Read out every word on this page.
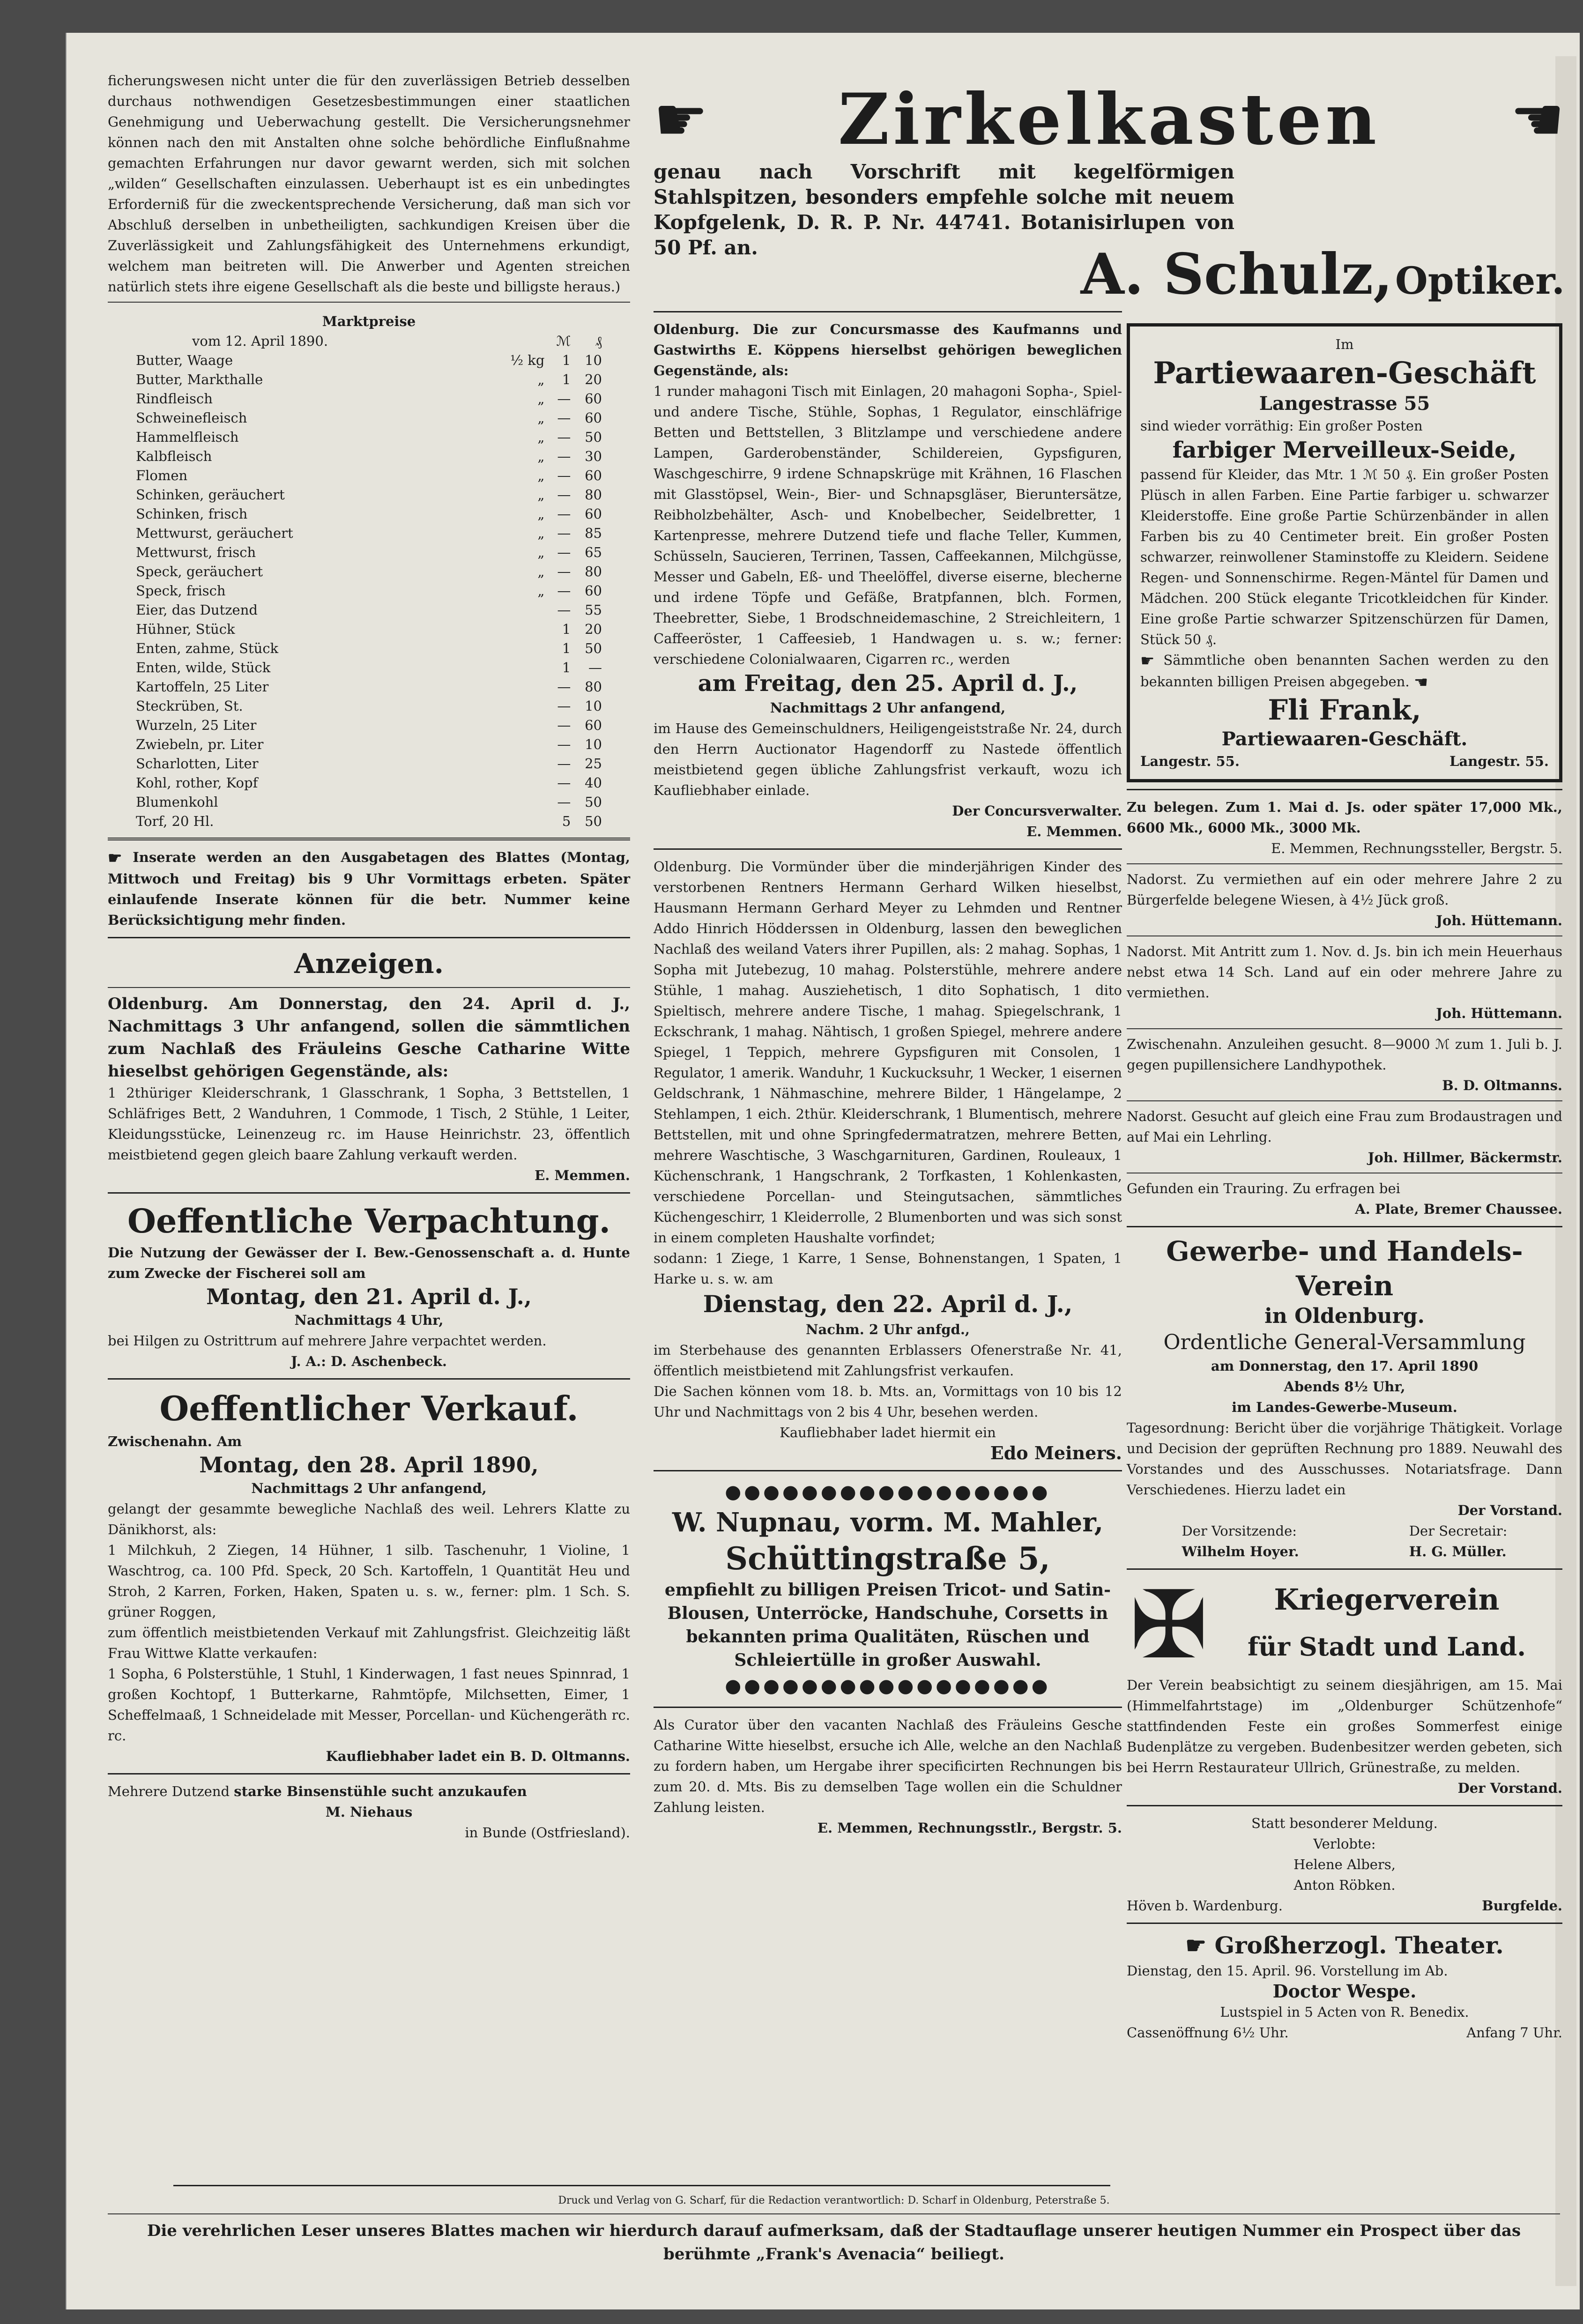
ficherungswesen nicht unter die für den zuverlässigen Betrieb desselben durchaus nothwendigen Gesetzesbestimmungen einer staatlichen Genehmigung und Ueberwachung gestellt. Die Versicherungsnehmer können nach den mit Anstalten ohne solche behördliche Einflußnahme gemachten Erfahrungen nur davor gewarnt werden, sich mit solchen „wilden“ Gesellschaften einzulassen. Ueberhaupt ist es ein unbedingtes Erforderniß für die zweckentsprechende Versicherung, daß man sich vor Abschluß derselben in unbetheiligten, sachkundigen Kreisen über die Zuverlässigkeit und Zahlungsfähigkeit des Unternehmens erkundigt, welchem man beitreten will. Die Anwerber und Agenten streichen natürlich stets ihre eigene Gesellschaft als die beste und billigste heraus.)

Marktpreise

vom 12. April 1890.		ℳ	₰
Butter, Waage	½ kg	1	10
Butter, Markthalle	„	1	20
Rindfleisch	„	—	60
Schweinefleisch	„	—	60
Hammelfleisch	„	—	50
Kalbfleisch	„	—	30
Flomen	„	—	60
Schinken, geräuchert	„	—	80
Schinken, frisch	„	—	60
Mettwurst, geräuchert	„	—	85
Mettwurst, frisch	„	—	65
Speck, geräuchert	„	—	80
Speck, frisch	„	—	60
Eier, das Dutzend		—	55
Hühner, Stück		1	20
Enten, zahme, Stück		1	50
Enten, wilde, Stück		1	—
Kartoffeln, 25 Liter		—	80
Steckrüben, St.		—	10
Wurzeln, 25 Liter		—	60
Zwiebeln, pr. Liter		—	10
Scharlotten, Liter		—	25
Kohl, rother, Kopf		—	40
Blumenkohl		—	50
Torf, 20 Hl.		5	50

☛ Inserate werden an den Ausgabetagen des Blattes (Montag, Mittwoch und Freitag) bis 9 Uhr Vormittags erbeten. Später einlaufende Inserate können für die betr. Nummer keine Berücksichtigung mehr finden.

Anzeigen.

Oldenburg. Am Donnerstag, den 24. April d. J., Nachmittags 3 Uhr anfangend, sollen die sämmtlichen zum Nachlaß des Fräuleins Gesche Catharine Witte hieselbst gehörigen Gegenstände, als:

1 2thüriger Kleiderschrank, 1 Glasschrank, 1 Sopha, 3 Bettstellen, 1 Schläfriges Bett, 2 Wanduhren, 1 Commode, 1 Tisch, 2 Stühle, 1 Leiter, Kleidungsstücke, Leinenzeug rc. im Hause Heinrichstr. 23, öffentlich meistbietend gegen gleich baare Zahlung verkauft werden.

E. Memmen.

Oeffentliche Verpachtung.

Die Nutzung der Gewässer der I. Bew.-Genossenschaft a. d. Hunte zum Zwecke der Fischerei soll am

Montag, den 21. April d. J.,

Nachmittags 4 Uhr,

bei Hilgen zu Ostrittrum auf mehrere Jahre verpachtet werden.

J. A.: D. Aschenbeck.

Oeffentlicher Verkauf.

Zwischenahn. Am

Montag, den 28. April 1890,

Nachmittags 2 Uhr anfangend,

gelangt der gesammte bewegliche Nachlaß des weil. Lehrers Klatte zu Dänikhorst, als:

1 Milchkuh, 2 Ziegen, 14 Hühner, 1 silb. Taschenuhr, 1 Violine, 1 Waschtrog, ca. 100 Pfd. Speck, 20 Sch. Kartoffeln, 1 Quantität Heu und Stroh, 2 Karren, Forken, Haken, Spaten u. s. w., ferner: plm. 1 Sch. S. grüner Roggen,

zum öffentlich meistbietenden Verkauf mit Zahlungsfrist. Gleichzeitig läßt Frau Wittwe Klatte verkaufen:

1 Sopha, 6 Polsterstühle, 1 Stuhl, 1 Kinderwagen, 1 fast neues Spinnrad, 1 großen Kochtopf, 1 Butterkarne, Rahmtöpfe, Milchsetten, Eimer, 1 Scheffelmaaß, 1 Schneidelade mit Messer, Porcellan- und Küchengeräth rc. rc.

Kaufliebhaber ladet ein B. D. Oltmanns.

Mehrere Dutzend starke Binsenstühle sucht anzukaufen

M. Niehaus

in Bunde (Ostfriesland).

☛ Zirkelkasten ☚

genau nach Vorschrift mit kegelförmigen Stahlspitzen, besonders empfehle solche mit neuem Kopfgelenk, D. R. P. Nr. 44741. Botanisirlupen von 50 Pf. an.	A. Schulz, Optiker.

Oldenburg. Die zur Concursmasse des Kaufmanns und Gastwirths E. Köppens hierselbst gehörigen beweglichen Gegenstände, als:

1 runder mahagoni Tisch mit Einlagen, 20 mahagoni Sopha-, Spiel- und andere Tische, Stühle, Sophas, 1 Regulator, einschläfrige Betten und Bettstellen, 3 Blitzlampe und verschiedene andere Lampen, Garderobenständer, Schildereien, Gypsfiguren, Waschgeschirre, 9 irdene Schnapskrüge mit Krähnen, 16 Flaschen mit Glasstöpsel, Wein-, Bier- und Schnapsgläser, Bieruntersätze, Reibholzbehälter, Asch- und Knobelbecher, Seidelbretter, 1 Kartenpresse, mehrere Dutzend tiefe und flache Teller, Kummen, Schüsseln, Saucieren, Terrinen, Tassen, Caffeekannen, Milchgüsse, Messer und Gabeln, Eß- und Theelöffel, diverse eiserne, blecherne und irdene Töpfe und Gefäße, Bratpfannen, blch. Formen, Theebretter, Siebe, 1 Brodschneidemaschine, 2 Streichleitern, 1 Caffeeröster, 1 Caffeesieb, 1 Handwagen u. s. w.; ferner: verschiedene Colonialwaaren, Cigarren rc., werden

am Freitag, den 25. April d. J.,

Nachmittags 2 Uhr anfangend,

im Hause des Gemeinschuldners, Heiligengeiststraße Nr. 24, durch den Herrn Auctionator Hagendorff zu Nastede öffentlich meistbietend gegen übliche Zahlungsfrist verkauft, wozu ich Kaufliebhaber einlade.

Der Concursverwalter.

E. Memmen.

Oldenburg. Die Vormünder über die minderjährigen Kinder des verstorbenen Rentners Hermann Gerhard Wilken hieselbst, Hausmann Hermann Gerhard Meyer zu Lehmden und Rentner Addo Hinrich Hödderssen in Oldenburg, lassen den beweglichen Nachlaß des weiland Vaters ihrer Pupillen, als: 2 mahag. Sophas, 1 Sopha mit Jutebezug, 10 mahag. Polsterstühle, mehrere andere Stühle, 1 mahag. Ausziehetisch, 1 dito Sophatisch, 1 dito Spieltisch, mehrere andere Tische, 1 mahag. Spiegelschrank, 1 Eckschrank, 1 mahag. Nähtisch, 1 großen Spiegel, mehrere andere Spiegel, 1 Teppich, mehrere Gypsfiguren mit Consolen, 1 Regulator, 1 amerik. Wanduhr, 1 Kuckucksuhr, 1 Wecker, 1 eisernen Geldschrank, 1 Nähmaschine, mehrere Bilder, 1 Hängelampe, 2 Stehlampen, 1 eich. 2thür. Kleiderschrank, 1 Blumentisch, mehrere Bettstellen, mit und ohne Springfedermatratzen, mehrere Betten, mehrere Waschtische, 3 Waschgarnituren, Gardinen, Rouleaux, 1 Küchenschrank, 1 Hangschrank, 2 Torfkasten, 1 Kohlenkasten, verschiedene Porcellan- und Steingutsachen, sämmtliches Küchengeschirr, 1 Kleiderrolle, 2 Blumenborten und was sich sonst in einem completen Haushalte vorfindet;

sodann: 1 Ziege, 1 Karre, 1 Sense, Bohnenstangen, 1 Spaten, 1 Harke u. s. w. am

Dienstag, den 22. April d. J.,

Nachm. 2 Uhr anfgd.,

im Sterbehause des genannten Erblassers Ofenerstraße Nr. 41, öffentlich meistbietend mit Zahlungsfrist verkaufen.

Die Sachen können vom 18. b. Mts. an, Vormittags von 10 bis 12 Uhr und Nachmittags von 2 bis 4 Uhr, besehen werden.

Kaufliebhaber ladet hiermit ein

Edo Meiners.

●●●●●●●●●●●●●●●●●

W. Nupnau, vorm. M. Mahler,

Schüttingstraße 5,

empfiehlt zu billigen Preisen Tricot- und Satin-Blousen, Unterröcke, Handschuhe, Corsetts in bekannten prima Qualitäten, Rüschen und Schleiertülle in großer Auswahl.

●●●●●●●●●●●●●●●●●

Als Curator über den vacanten Nachlaß des Fräuleins Gesche Catharine Witte hieselbst, ersuche ich Alle, welche an den Nachlaß zu fordern haben, um Hergabe ihrer specificirten Rechnungen bis zum 20. d. Mts. Bis zu demselben Tage wollen ein die Schuldner Zahlung leisten.

E. Memmen, Rechnungsstlr., Bergstr. 5.

Im

Partiewaaren-Geschäft

Langestrasse 55

sind wieder vorräthig: Ein großer Posten

farbiger Merveilleux-Seide,

passend für Kleider, das Mtr. 1 ℳ 50 ₰. Ein großer Posten Plüsch in allen Farben. Eine Partie farbiger u. schwarzer Kleiderstoffe. Eine große Partie Schürzenbänder in allen Farben bis zu 40 Centimeter breit. Ein großer Posten schwarzer, reinwollener Staminstoffe zu Kleidern. Seidene Regen- und Sonnenschirme. Regen-Mäntel für Damen und Mädchen. 200 Stück elegante Tricotkleidchen für Kinder. Eine große Partie schwarzer Spitzenschürzen für Damen, Stück 50 ₰.

☛ Sämmtliche oben benannten Sachen werden zu den bekannten billigen Preisen abgegeben. ☚

Fli Frank,

Partiewaaren-Geschäft.

Langestr. 55.	Langestr. 55.

Zu belegen. Zum 1. Mai d. Js. oder später 17,000 Mk., 6600 Mk., 6000 Mk., 3000 Mk.

E. Memmen, Rechnungssteller, Bergstr. 5.

Nadorst. Zu vermiethen auf ein oder mehrere Jahre 2 zu Bürgerfelde belegene Wiesen, à 4½ Jück groß.

Joh. Hüttemann.

Nadorst. Mit Antritt zum 1. Nov. d. Js. bin ich mein Heuerhaus nebst etwa 14 Sch. Land auf ein oder mehrere Jahre zu vermiethen.

Joh. Hüttemann.

Zwischenahn. Anzuleihen gesucht. 8—9000 ℳ zum 1. Juli b. J. gegen pupillensichere Landhypothek.

B. D. Oltmanns.

Nadorst. Gesucht auf gleich eine Frau zum Brodaustragen und auf Mai ein Lehrling.

Joh. Hillmer, Bäckermstr.

Gefunden ein Trauring. Zu erfragen bei

A. Plate, Bremer Chaussee.

Gewerbe- und Handels-Verein

in Oldenburg.

Ordentliche General-Versammlung

am Donnerstag, den 17. April 1890

Abends 8½ Uhr,

im Landes-Gewerbe-Museum.

Tagesordnung: Bericht über die vorjährige Thätigkeit. Vorlage und Decision der geprüften Rechnung pro 1889. Neuwahl des Vorstandes und des Ausschusses. Notariatsfrage. Dann Verschiedenes. Hierzu ladet ein

Der Vorstand.

Der Vorsitzende:

Wilhelm Hoyer.

Der Secretair:

H. G. Müller.

✠	Kriegerverein

für Stadt und Land.

Der Verein beabsichtigt zu seinem diesjährigen, am 15. Mai (Himmelfahrtstage) im „Oldenburger Schützenhofe“ stattfindenden Feste ein großes Sommerfest einige Budenplätze zu vergeben. Budenbesitzer werden gebeten, sich bei Herrn Restaurateur Ullrich, Grünestraße, zu melden.

Der Vorstand.

Statt besonderer Meldung.

Verlobte:

Helene Albers,

Anton Röbken.

Höven b. Wardenburg.	Burgfelde.

☛ Großherzogl. Theater.

Dienstag, den 15. April. 96. Vorstellung im Ab.

Doctor Wespe.

Lustspiel in 5 Acten von R. Benedix.

Cassenöffnung 6½ Uhr.	Anfang 7 Uhr.

Druck und Verlag von G. Scharf, für die Redaction verantwortlich: D. Scharf in Oldenburg, Peterstraße 5.

Die verehrlichen Leser unseres Blattes machen wir hierdurch darauf aufmerksam, daß der Stadtauflage unserer heutigen Nummer ein Prospect über das berühmte „Frank's Avenacia“ beiliegt.
